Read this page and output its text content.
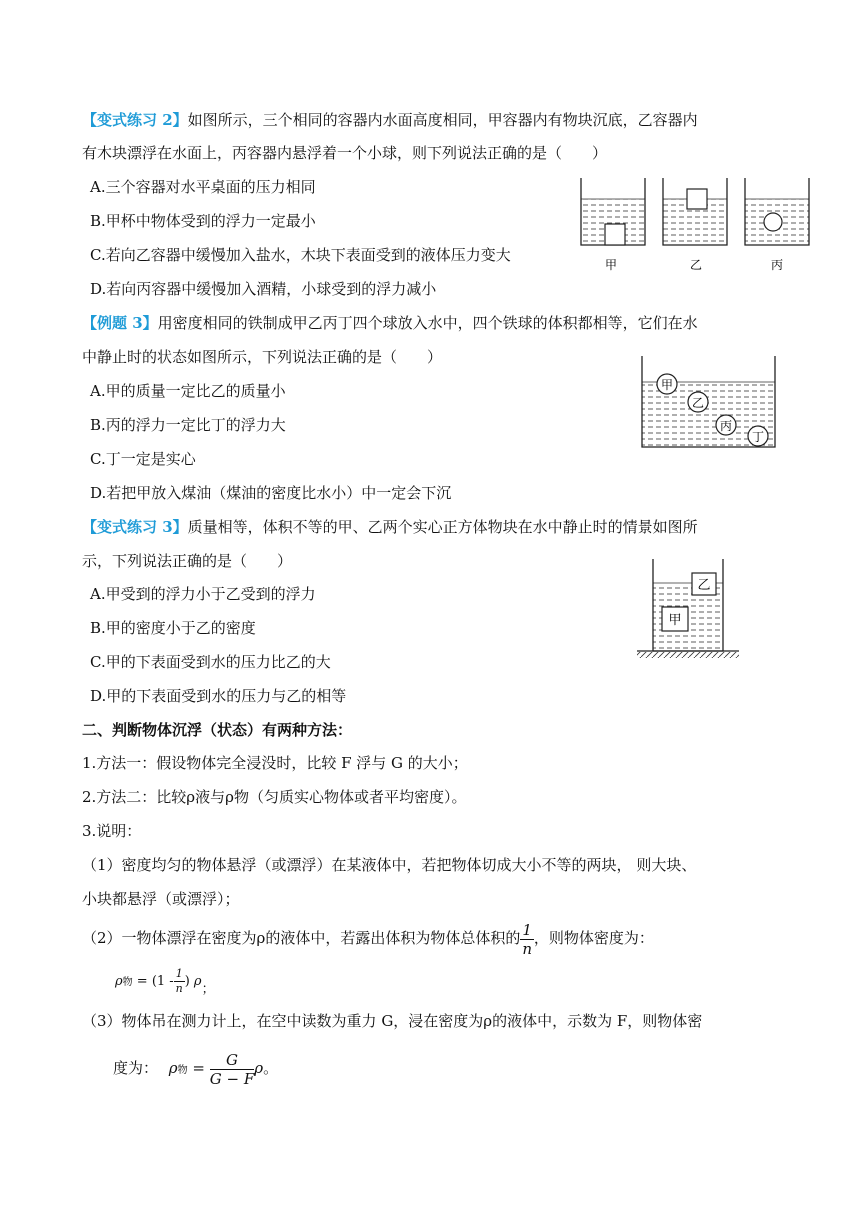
【变式练习 2】如图所示，三个相同的容器内水面高度相同，甲容器内有物块沉底，乙容器内
有木块漂浮在水面上，丙容器内悬浮着一个小球，则下列说法正确的是（　　）
A.三个容器对水平桌面的压力相同
B.甲杯中物体受到的浮力一定最小
C.若向乙容器中缓慢加入盐水，木块下表面受到的液体压力变大
D.若向丙容器中缓慢加入酒精，小球受到的浮力减小
甲	乙	丙
【例题 3】用密度相同的铁制成甲乙丙丁四个球放入水中，四个铁球的体积都相等，它们在水
中静止时的状态如图所示，下列说法正确的是（　　）
A.甲的质量一定比乙的质量小
B.丙的浮力一定比丁的浮力大
C.丁一定是实心
D.若把甲放入煤油（煤油的密度比水小）中一定会下沉
甲
乙
丙
丁
【变式练习 3】质量相等，体积不等的甲、乙两个实心正方体物块在水中静止时的情景如图所
示，下列说法正确的是（　　）
A.甲受到的浮力小于乙受到的浮力
B.甲的密度小于乙的密度
C.甲的下表面受到水的压力比乙的大
D.甲的下表面受到水的压力与乙的相等
乙
甲
二、判断物体沉浮（状态）有两种方法：
1.方法一：假设物体完全浸没时，比较 F 浮与 G 的大小；
2.方法二：比较ρ液与ρ物（匀质实心物体或者平均密度）。
3.说明：
（1）密度均匀的物体悬浮（或漂浮）在某液体中，若把物体切成大小不等的两块， 则大块、
小块都悬浮（或漂浮）；
（2）一物体漂浮在密度为ρ的液体中，若露出体积为物体总体积的 $\frac{1}{n}$ ，则物体密度为：
ρ物 = ($1 - \frac{1}{n}$ ) ρ；
（3）物体吊在测力计上，在空中读数为重力 G，浸在密度为ρ的液体中，示数为 F，则物体密
度为： ρ物 = $\frac{G}{G - F}$ ρ。
